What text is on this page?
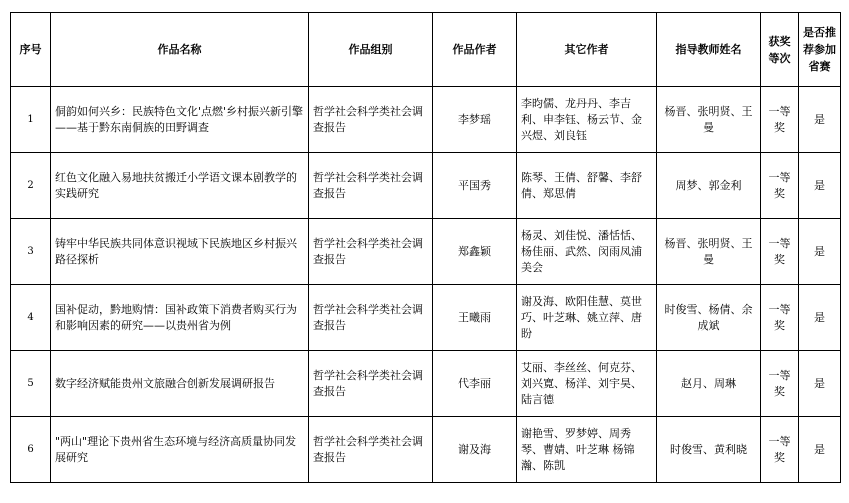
序号	作品名称	作品组别	作品作者	其它作者	指导教师姓名	获奖等次	是否推荐参加省赛
1	侗韵如何兴乡：民族特色文化'点燃'乡村振兴新引擎——基于黔东南侗族的田野调查	哲学社会科学类社会调查报告	李梦瑶	李昀儒、龙丹丹、李吉利、申李钰、杨云节、金兴煜、刘良钰	杨晋、张明贤、王曼	一等奖	是
2	红色文化融入易地扶贫搬迁小学语文课本剧教学的实践研究	哲学社会科学类社会调查报告	平国秀	陈琴、王倩、舒馨、李舒倩、郑思倩	周梦、郭金利	一等奖	是
3	铸牢中华民族共同体意识视域下民族地区乡村振兴路径探析	哲学社会科学类社会调查报告	郑鑫颖	杨灵、刘佳悦、潘恬恬、杨佳丽、武然、闵雨凤浦美会	杨晋、张明贤、王曼	一等奖	是
4	国补促动，黔地购情：国补政策下消费者购买行为和影响因素的研究——以贵州省为例	哲学社会科学类社会调查报告	王曦雨	谢及海、欧阳佳慧、莫世巧、叶芝琳、姚立萍、唐盼	时俊雪、杨倩、余成斌	一等奖	是
5	数字经济赋能贵州文旅融合创新发展调研报告	哲学社会科学类社会调查报告	代李丽	艾丽、李丝丝、何克芬、刘兴寛、杨洋、刘宇昊、陆言德	赵月、周琳	一等奖	是
6	"两山"理论下贵州省生态环境与经济高质量协同发展研究	哲学社会科学类社会调查报告	谢及海	谢艳雪、罗梦婷、周秀琴、曹婧、叶芝琳 杨锦瀚、陈凯	时俊雪、黄利晓	一等奖	是
